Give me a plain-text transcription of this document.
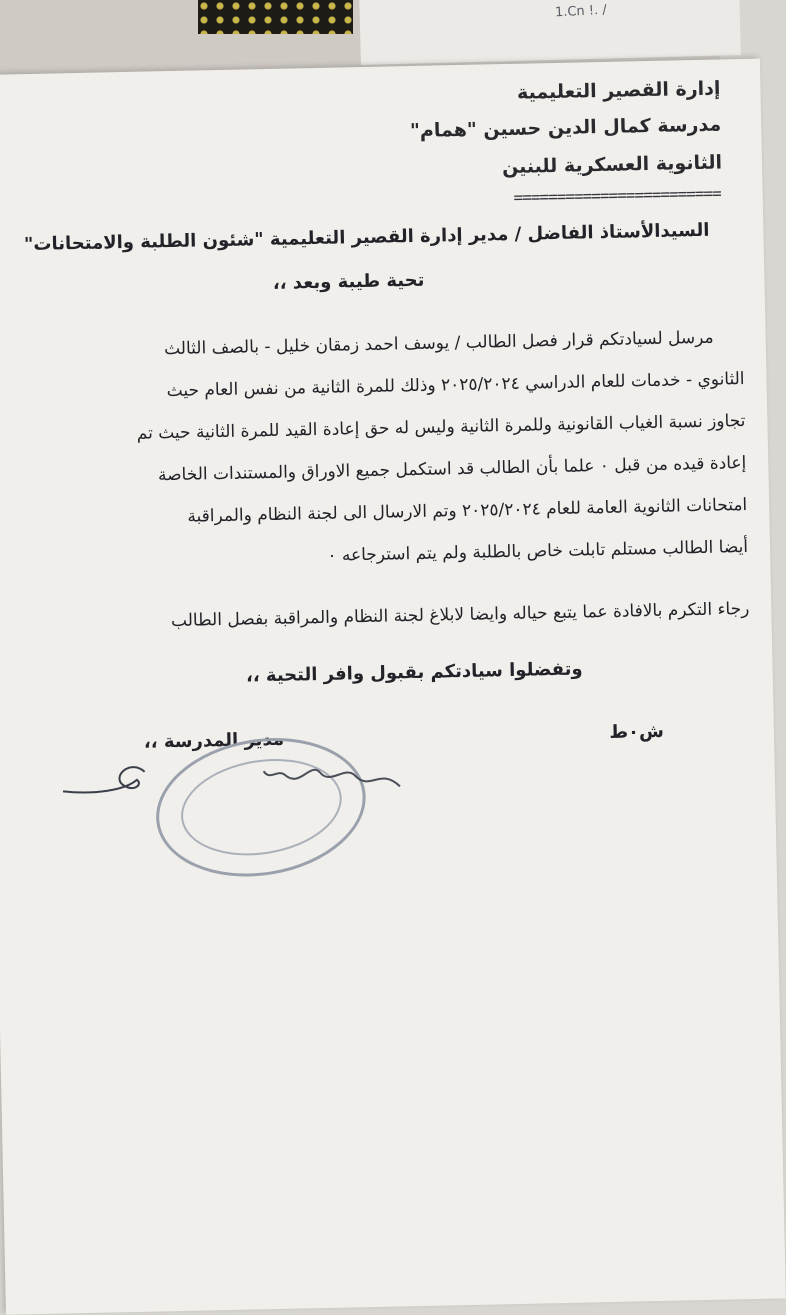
1.Cn !. /
إدارة القصير التعليمية
مدرسة كمال الدين حسين "همام"
الثانوية العسكرية للبنين
========================
السيدالأستاذ الفاضل / مدير إدارة القصير التعليمية "شئون الطلبة والامتحانات"
تحية طيبة وبعد ،،
مرسل لسيادتكم قرار فصل الطالب / يوسف احمد زمقان خليل - بالصف الثالث
الثانوي - خدمات للعام الدراسي ٢٠٢٥/٢٠٢٤ وذلك للمرة الثانية من نفس العام حيث
تجاوز نسبة الغياب القانونية وللمرة الثانية وليس له حق إعادة القيد للمرة الثانية حيث تم
إعادة قيده من قبل ٠ علما بأن الطالب قد استكمل جميع الاوراق والمستندات الخاصة
امتحانات الثانوية العامة للعام ٢٠٢٥/٢٠٢٤ وتم الارسال الى لجنة النظام والمراقبة
أيضا الطالب مستلم تابلت خاص بالطلبة ولم يتم استرجاعه ٠
رجاء التكرم بالافادة عما يتبع حياله وايضا لابلاغ لجنة النظام والمراقبة بفصل الطالب
وتفضلوا سيادتكم بقبول وافر التحية ،،
ش٠ط
مدير المدرسة ،،
